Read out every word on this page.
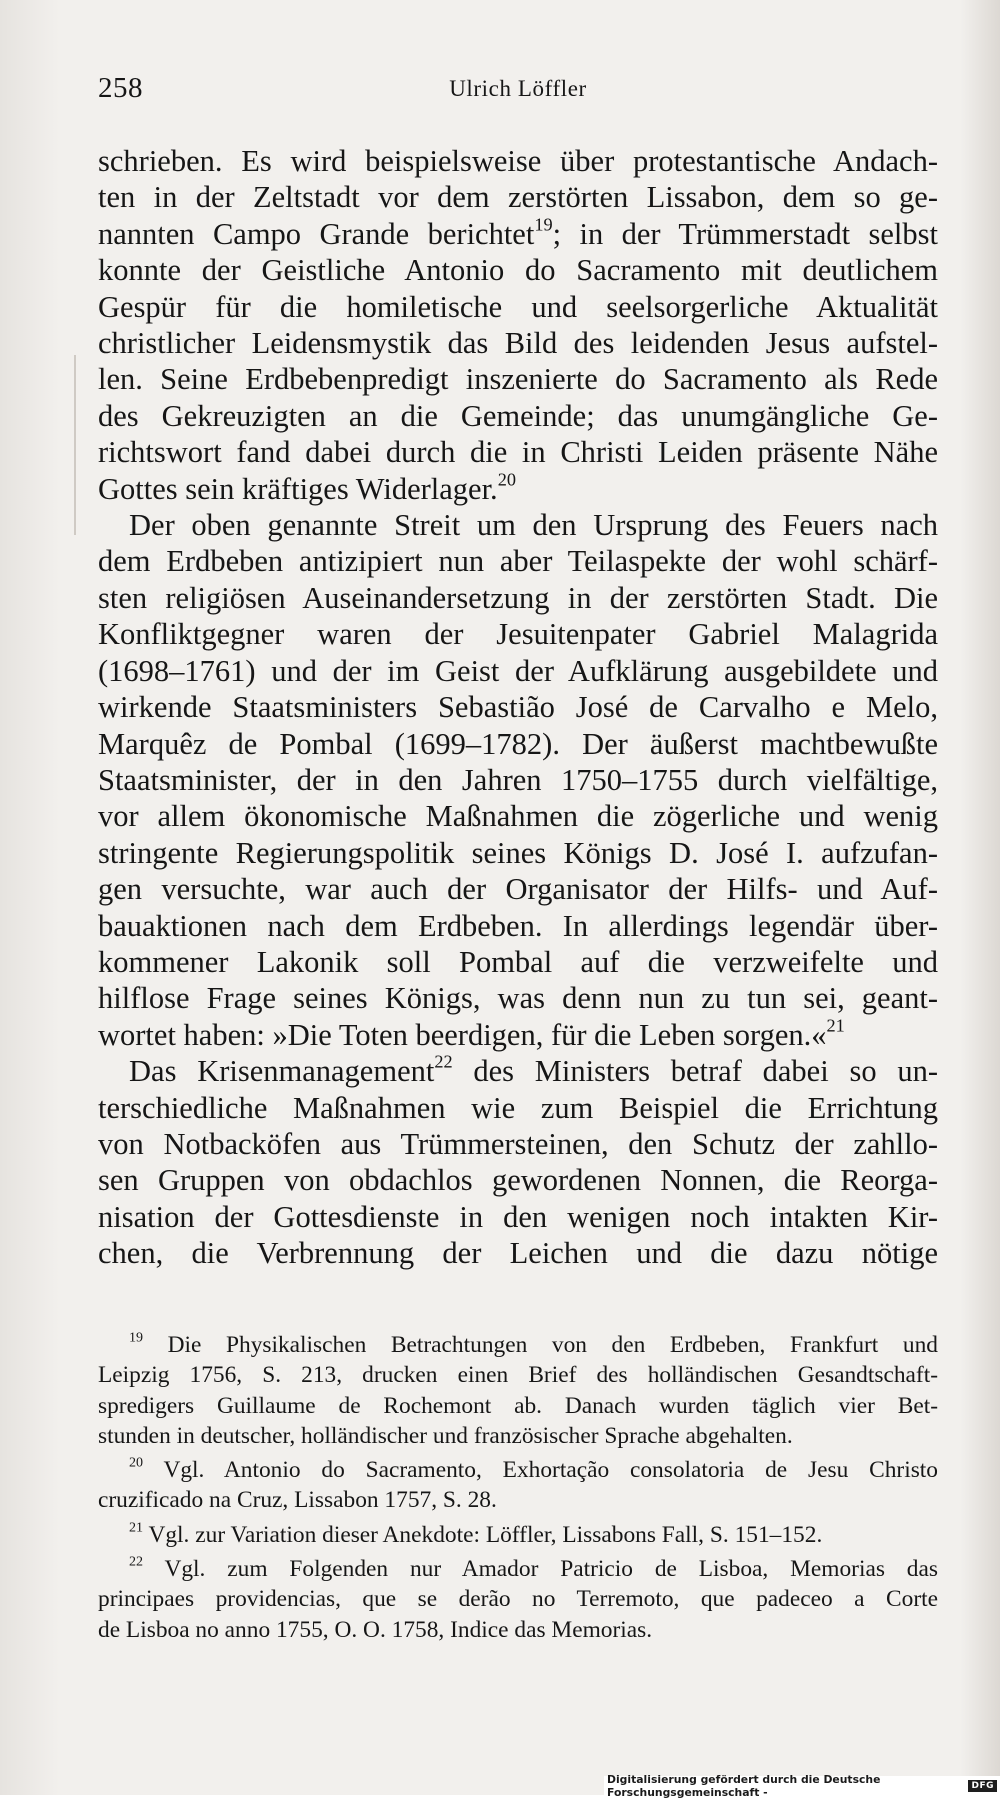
258	Ulrich Löffler
schrieben. Es wird beispielsweise über protestantische Andach-
ten in der Zeltstadt vor dem zerstörten Lissabon, dem so ge-
nannten Campo Grande berichtet$^{19}$; in der Trümmerstadt selbst
konnte der Geistliche Antonio do Sacramento mit deutlichem
Gespür für die homiletische und seelsorgerliche Aktualität
christlicher Leidensmystik das Bild des leidenden Jesus aufstel-
len. Seine Erdbebenpredigt inszenierte do Sacramento als Rede
des Gekreuzigten an die Gemeinde; das unumgängliche Ge-
richtswort fand dabei durch die in Christi Leiden präsente Nähe
Gottes sein kräftiges Widerlager.$^{20}$
Der oben genannte Streit um den Ursprung des Feuers nach
dem Erdbeben antizipiert nun aber Teilaspekte der wohl schärf-
sten religiösen Auseinandersetzung in der zerstörten Stadt. Die
Konfliktgegner waren der Jesuitenpater Gabriel Malagrida
(1698–1761) und der im Geist der Aufklärung ausgebildete und
wirkende Staatsministers Sebastião José de Carvalho e Melo,
Marquêz de Pombal (1699–1782). Der äußerst machtbewußte
Staatsminister, der in den Jahren 1750–1755 durch vielfältige,
vor allem ökonomische Maßnahmen die zögerliche und wenig
stringente Regierungspolitik seines Königs D. José I. aufzufan-
gen versuchte, war auch der Organisator der Hilfs- und Auf-
bauaktionen nach dem Erdbeben. In allerdings legendär über-
kommener Lakonik soll Pombal auf die verzweifelte und
hilflose Frage seines Königs, was denn nun zu tun sei, geant-
wortet haben: »Die Toten beerdigen, für die Leben sorgen.«$^{21}$
Das Krisenmanagement$^{22}$ des Ministers betraf dabei so un-
terschiedliche Maßnahmen wie zum Beispiel die Errichtung
von Notbacköfen aus Trümmersteinen, den Schutz der zahllo-
sen Gruppen von obdachlos gewordenen Nonnen, die Reorga-
nisation der Gottesdienste in den wenigen noch intakten Kir-
chen, die Verbrennung der Leichen und die dazu nötige
$^{19}$ Die Physikalischen Betrachtungen von den Erdbeben, Frankfurt und
Leipzig 1756, S. 213, drucken einen Brief des holländischen Gesandtschaft-
spredigers Guillaume de Rochemont ab. Danach wurden täglich vier Bet-
stunden in deutscher, holländischer und französischer Sprache abgehalten.
$^{20}$ Vgl. Antonio do Sacramento, Exhortação consolatoria de Jesu Christo
cruzificado na Cruz, Lissabon 1757, S. 28.
$^{21}$ Vgl. zur Variation dieser Anekdote: Löffler, Lissabons Fall, S. 151–152.
$^{22}$ Vgl. zum Folgenden nur Amador Patricio de Lisboa, Memorias das
principaes providencias, que se derão no Terremoto, que padeceo a Corte
de Lisboa no anno 1755, O. O. 1758, Indice das Memorias.
Digitalisierung gefördert durch die Deutsche Forschungsgemeinschaft -	DFG
